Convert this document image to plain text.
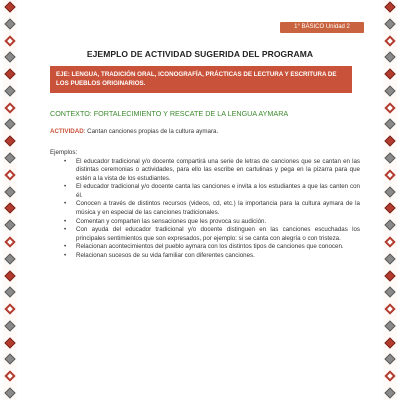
1° BÁSICO Unidad 2
EJEMPLO DE ACTIVIDAD SUGERIDA DEL PROGRAMA
EJE: LENGUA, TRADICIÓN ORAL, ICONOGRAFÍA, PRÁCTICAS DE LECTURA Y ESCRITURA DE LOS PUEBLOS ORIGINARIOS.
CONTEXTO: FORTALECIMIENTO Y RESCATE DE LA LENGUA AYMARA
ACTIVIDAD: Cantan canciones propias de la cultura aymara.
Ejemplos:
• El educador tradicional y/o docente compartirá una serie de letras de canciones que se cantan en las distintas ceremonias o actividades, para ello las escribe en cartulinas y pega en la pizarra para que estén a la vista de los estudiantes.
• El educador tradicional y/o docente canta las canciones e invita a los estudiantes a que las canten con él.
• Conocen a través de distintos recursos (videos, cd, etc.) la importancia para la cultura aymara de la música y en especial de las canciones tradicionales.
• Comentan y comparten las sensaciones que les provoca su audición.
• Con ayuda del educador tradicional y/o docente distinguen en las canciones escuchadas los principales sentimientos que son expresados, por ejemplo: si se canta con alegría o con tristeza.
• Relacionan acontecimientos del pueblo aymara con los distintos tipos de canciones que conocen.
• Relacionan sucesos de su vida familiar con diferentes canciones.
